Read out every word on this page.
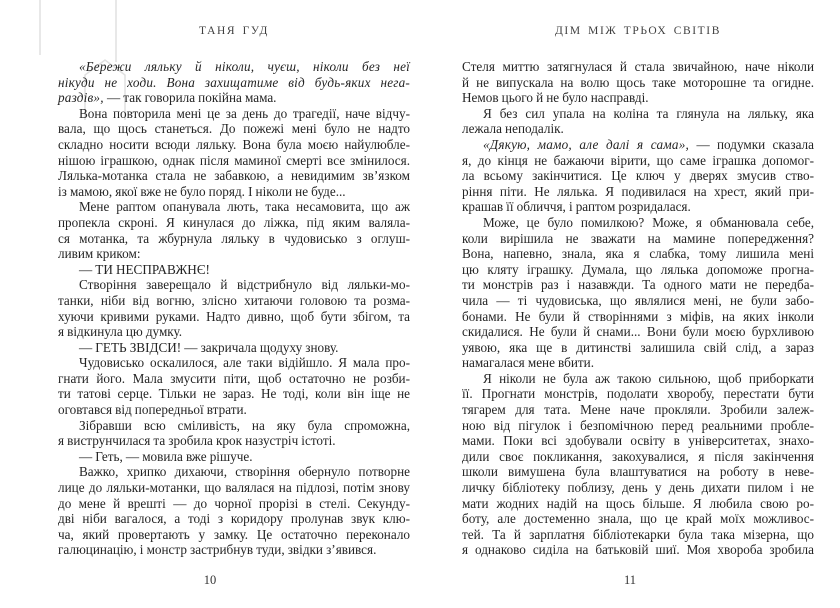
ТАНЯ ГУД
«Бережи ляльку й ніколи, чуєш, ніколи без неї
нікуди не ходи. Вона захищатиме від будь-яких нега-
раздів», — так говорила покійна мама.
Вона повторила мені це за день до трагедії, наче відчу-
вала, що щось станеться. До пожежі мені було не надто
складно носити всюди ляльку. Вона була моєю найулюбле-
нішою іграшкою, однак після маминої смерті все змінилося.
Лялька-мотанка стала не забавкою, а невидимим зв’язком
із мамою, якої вже не було поряд. І ніколи не буде...
Мене раптом опанувала лють, така несамовита, що аж
пропекла скроні. Я кинулася до ліжка, під яким валяла-
ся мотанка, та жбурнула ляльку в чудовисько з оглуш-
ливим криком:
— ТИ НЕСПРАВЖНЄ!
Створіння заверещало й відстрибнуло від ляльки-мо-
танки, ніби від вогню, злісно хитаючи головою та розма-
хуючи кривими руками. Надто дивно, щоб бути збігом, та
я відкинула цю думку.
— ГЕТЬ ЗВІДСИ! — закричала щодуху знову.
Чудовисько оскалилося, але таки відійшло. Я мала про-
гнати його. Мала змусити піти, щоб остаточно не розби-
ти татові серце. Тільки не зараз. Не тоді, коли він іще не
оговтався від попередньої втрати.
Зібравши всю сміливість, на яку була спроможна,
я виструнчилася та зробила крок назустріч істоті.
— Геть, — мовила вже рішуче.
Важко, хрипко дихаючи, створіння обернуло потворне
лице до ляльки-мотанки, що валялася на підлозі, потім знову
до мене й врешті — до чорної прорізі в стелі. Секунду-
дві ніби вагалося, а тоді з коридору пролунав звук клю-
ча, який провертають у замку. Це остаточно переконало
галюцинацію, і монстр застрибнув туди, звідки з’явився.
ДІМ МІЖ ТРЬОХ СВІТІВ
Стеля миттю затягнулася й стала звичайною, наче ніколи
й не випускала на волю щось таке моторошне та огидне.
Немов цього й не було насправді.
Я без сил упала на коліна та глянула на ляльку, яка
лежала неподалік.
«Дякую, мамо, але далі я сама», — подумки сказала
я, до кінця не бажаючи вірити, що саме іграшка допомог-
ла всьому закінчитися. Це ключ у дверях змусив ство-
ріння піти. Не лялька. Я подивилася на хрест, який при-
крашав її обличчя, і раптом розридалася.
Може, це було помилкою? Може, я обманювала себе,
коли вирішила не зважати на мамине попередження?
Вона, напевно, знала, яка я слабка, тому лишила мені
цю кляту іграшку. Думала, що лялька допоможе прогна-
ти монстрів раз і назавжди. Та одного мати не передба-
чила — ті чудовиська, що являлися мені, не були забо-
бонами. Не були й створіннями з міфів, на яких інколи
скидалися. Не були й снами... Вони були моєю бурхливою
уявою, яка ще в дитинстві залишила свій слід, а зараз
намагалася мене вбити.
Я ніколи не була аж такою сильною, щоб приборкати
її. Прогнати монстрів, подолати хворобу, перестати бути
тягарем для тата. Мене наче прокляли. Зробили залеж-
ною від пігулок і безпомічною перед реальними пробле-
мами. Поки всі здобували освіту в університетах, знахо-
дили своє покликання, закохувалися, я після закінчення
школи вимушена була влаштуватися на роботу в неве-
личку бібліотеку поблизу, день у день дихати пилом і не
мати жодних надій на щось більше. Я любила свою ро-
боту, але достеменно знала, що це край моїх можливос-
тей. Та й зарплатня бібліотекарки була така мізерна, що
я однаково сиділа на батьковій шиї. Моя хвороба зробила
10	11
